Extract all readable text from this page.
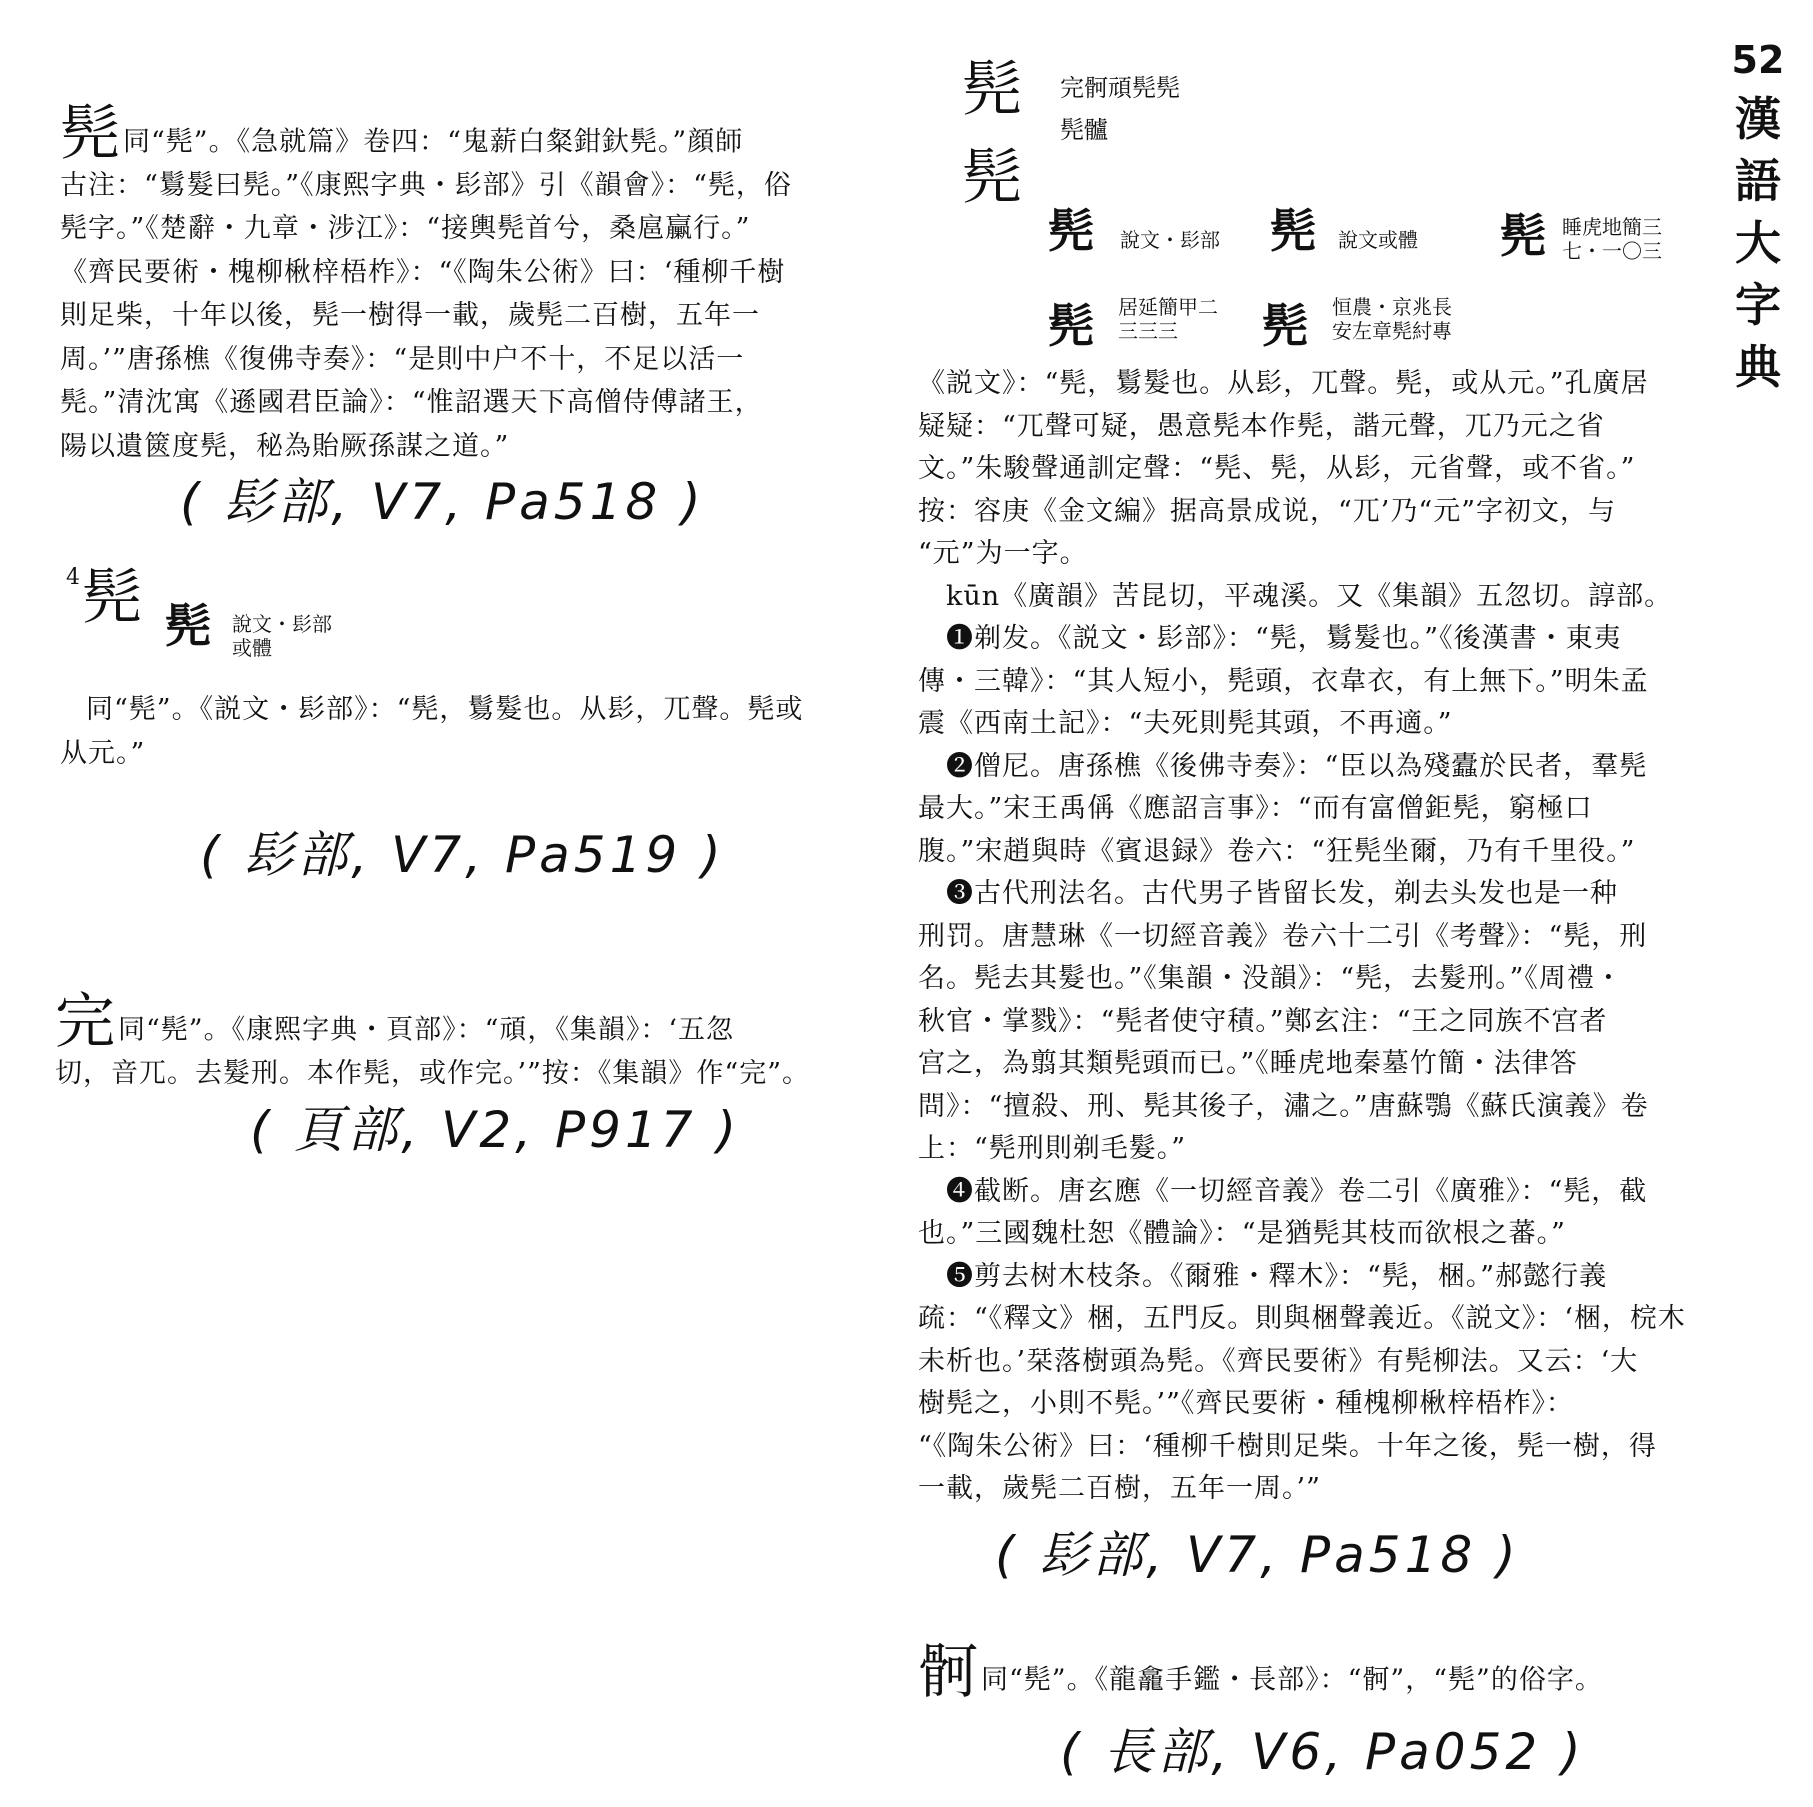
52
漢
語
大
字
典

髡同“髡”。《急就篇》卷四：“鬼薪白粲鉗釱髡。”顔師
古注：“鬄髮曰髡。”《康熙字典・髟部》引《韻會》：“髡，俗
髡字。”《楚辭・九章・涉江》：“接輿髡首兮，桑扈臝行。”
《齊民要術・槐柳楸梓梧柞》：“《陶朱公術》曰：‘種柳千樹
則足柴，十年以後，髡一樹得一載，歲髡二百樹，五年一
周。’”唐孫樵《復佛寺奏》：“是則中户不十，不足以活一
髡。”清沈寓《遜國君臣論》：“惟詔選天下高僧侍傅諸王，
陽以遺篋度髡，秘為貽厥孫謀之道。”

( 髟部, V7, Pa518 )
4 髡 髡 說文・髟部
或體
同“髡”。《説文・髟部》：“髡，鬄髮也。从髟，兀聲。髡或
从元。”
( 髟部, V7, Pa519 )

完同“髡”。《康熙字典・頁部》：“頑，《集韻》：‘五忽
切，音兀。去髮刑。本作髡，或作完。’”按：《集韻》作“完”。

( 頁部, V2, P917 )
髡
髡
完䯊頑髡髡
髡髗
髡 說文・髟部 髡 說文或體 髡 睡虎地簡三
七・一〇三
髡 居延簡甲二
三三三	髡 恒農・京兆長
安左章髡紂專
《説文》：“髡，鬄髮也。从髟，兀聲。髡，或从元。”孔廣居
疑疑：“兀聲可疑，愚意髡本作髡，諧元聲，兀乃元之省
文。”朱駿聲通訓定聲：“髡、髡，从髟，元省聲，或不省。”
按：容庚《金文編》据高景成说，“兀’乃“元”字初文，与
“元”为一字。
　kūn《廣韻》苦昆切，平魂溪。又《集韻》五忽切。諄部。
　❶剃发。《説文・髟部》：“髡，鬄髮也。”《後漢書・東夷
傳・三韓》：“其人短小，髡頭，衣韋衣，有上無下。”明朱孟
震《西南土記》：“夫死則髡其頭，不再適。”
　❷僧尼。唐孫樵《後佛寺奏》：“臣以為殘蠹於民者，羣髡
最大。”宋王禹偁《應詔言事》：“而有富僧鉅髡，窮極口
腹。”宋趙與時《賓退録》卷六：“狂髡坐爾，乃有千里役。”
　❸古代刑法名。古代男子皆留长发，剃去头发也是一种
刑罚。唐慧琳《一切經音義》卷六十二引《考聲》：“髡，刑
名。髡去其髮也。”《集韻・没韻》：“髡，去髮刑。”《周禮・
秋官・掌戮》：“髡者使守積。”鄭玄注：“王之同族不宫者
宫之，為翦其類髡頭而已。”《睡虎地秦墓竹簡・法律答
問》：“擅殺、刑、髡其後子，潚之。”唐蘇鶚《蘇氏演義》卷
上：“髡刑則剃毛髮。”
　❹截断。唐玄應《一切經音義》卷二引《廣雅》：“髡，截
也。”三國魏杜恕《體論》：“是猶髡其枝而欲根之蕃。”
　❺剪去树木枝条。《爾雅・釋木》：“髡，梱。”郝懿行義
疏：“《釋文》梱，五門反。則與梱聲義近。《説文》：‘梱，梡木
未析也。’栞落樹頭為髡。《齊民要術》有髡柳法。又云：‘大
樹髡之，小則不髡。’”《齊民要術・種槐柳楸梓梧柞》：
“《陶朱公術》曰：‘種柳千樹則足柴。十年之後，髡一樹，得
一載，歲髡二百樹，五年一周。’”
( 髟部, V7, Pa518 )

䯊同“髡”。《龍龕手鑑・長部》：“䯊”，“髡”的俗字。

( 長部, V6, Pa052 )
